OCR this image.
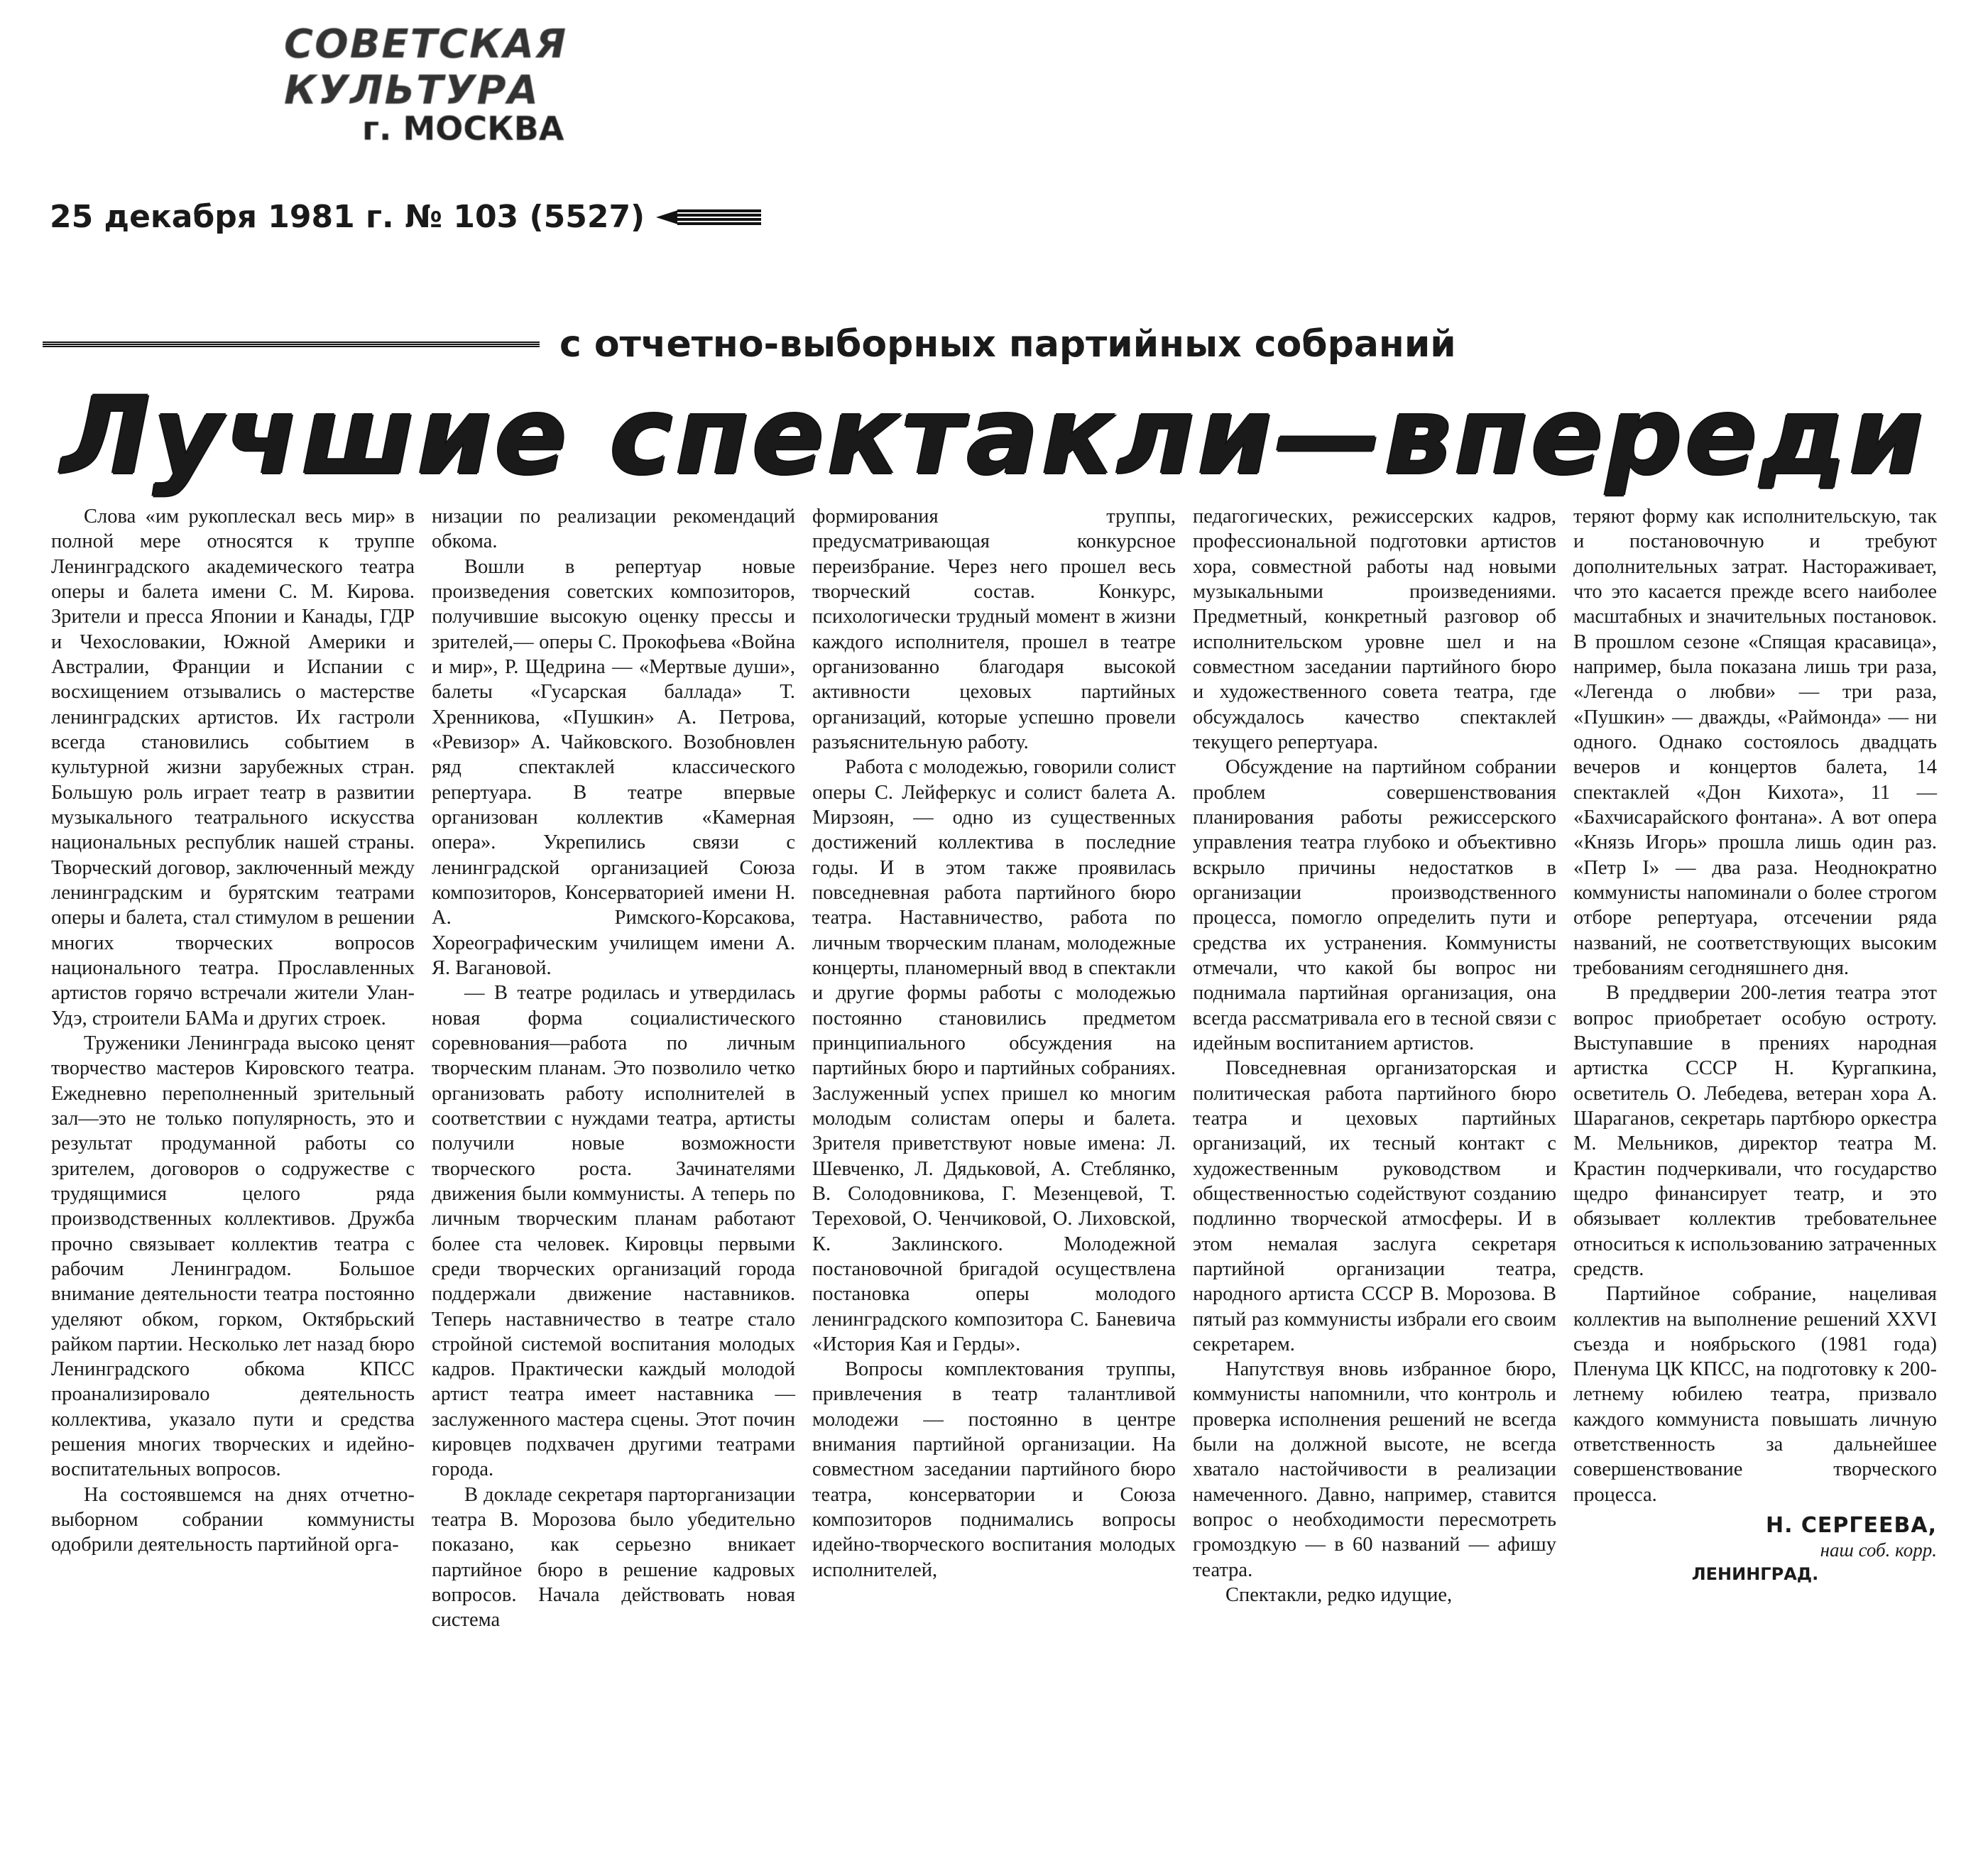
СОВЕТСКАЯ КУЛЬТУРА
г. МОСКВА
25 декабря 1981 г. № 103 (5527)
с отчетно-выборных партийных собраний
Лучшие спектакли—впереди

Слова «им рукоплескал весь мир» в полной мере относятся к труппе Ленинградского академического театра оперы и балета имени С. М. Кирова. Зрители и пресса Японии и Канады, ГДР и Чехословакии, Южной Америки и Австралии, Франции и Испании с восхищением отзывались о мастерстве ленинградских артистов. Их гастроли всегда становились событием в культурной жизни зарубежных стран. Большую роль играет театр в развитии музыкального театрального искусства национальных республик нашей страны. Творческий договор, заключенный между ленинградским и бурятским театрами оперы и балета, стал стимулом в решении многих творческих вопросов национального театра. Прославленных артистов горячо встречали жители Улан-Удэ, строители БАМа и других строек.

Труженики Ленинграда высоко ценят творчество мастеров Кировского театра. Ежедневно переполненный зрительный зал—это не только популярность, это и результат продуманной работы со зрителем, договоров о содружестве с трудящимися целого ряда производственных коллективов. Дружба прочно связывает коллектив театра с рабочим Ленинградом. Большое внимание деятельности театра постоянно уделяют обком, горком, Октябрьский райком партии. Несколько лет назад бюро Ленинградского обкома КПСС проанализировало деятельность коллектива, указало пути и средства решения многих творческих и идейно-воспитательных вопросов.

На состоявшемся на днях отчетно-выборном собрании коммунисты одобрили деятельность партийной орга-

низации по реализации рекомендаций обкома.

Вошли в репертуар новые произведения советских композиторов, получившие высокую оценку прессы и зрителей,— оперы С. Прокофьева «Война и мир», Р. Щедрина — «Мертвые души», балеты «Гусарская баллада» Т. Хренникова, «Пушкин» А. Петрова, «Ревизор» А. Чайковского. Возобновлен ряд спектаклей классического репертуара. В театре впервые организован коллектив «Камерная опера». Укрепились связи с ленинградской организацией Союза композиторов, Консерваторией имени Н. А. Римского-Корсакова, Хореографическим училищем имени А. Я. Вагановой.

— В театре родилась и утвердилась новая форма социалистического соревнования—работа по личным творческим планам. Это позволило четко организовать работу исполнителей в соответствии с нуждами театра, артисты получили новые возможности творческого роста. Зачинателями движения были коммунисты. А теперь по личным творческим планам работают более ста человек. Кировцы первыми среди творческих организаций города поддержали движение наставников. Теперь наставничество в театре стало стройной системой воспитания молодых кадров. Практически каждый молодой артист театра имеет наставника — заслуженного мастера сцены. Этот почин кировцев подхвачен другими театрами города.

В докладе секретаря парторганизации театра В. Морозова было убедительно показано, как серьезно вникает партийное бюро в решение кадровых вопросов. Начала действовать новая система

формирования труппы, предусматривающая конкурсное переизбрание. Через него прошел весь творческий состав. Конкурс, психологически трудный момент в жизни каждого исполнителя, прошел в театре организованно благодаря высокой активности цеховых партийных организаций, которые успешно провели разъяснительную работу.

Работа с молодежью, говорили солист оперы С. Лейферкус и солист балета А. Мирзоян, — одно из существенных достижений коллектива в последние годы. И в этом также проявилась повседневная работа партийного бюро театра. Наставничество, работа по личным творческим планам, молодежные концерты, планомерный ввод в спектакли и другие формы работы с молодежью постоянно становились предметом принципиального обсуждения на партийных бюро и партийных собраниях. Заслуженный успех пришел ко многим молодым солистам оперы и балета. Зрителя приветствуют новые имена: Л. Шевченко, Л. Дядьковой, А. Стеблянко, В. Солодовникова, Г. Мезенцевой, Т. Тереховой, О. Ченчиковой, О. Лиховской, К. Заклинского. Молодежной постановочной бригадой осуществлена постановка оперы молодого ленинградского композитора С. Баневича «История Кая и Герды».

Вопросы комплектования труппы, привлечения в театр талантливой молодежи — постоянно в центре внимания партийной организации. На совместном заседании партийного бюро театра, консерватории и Союза композиторов поднимались вопросы идейно-творческого воспитания молодых исполнителей,

педагогических, режиссерских кадров, профессиональной подготовки артистов хора, совместной работы над новыми музыкальными произведениями. Предметный, конкретный разговор об исполнительском уровне шел и на совместном заседании партийного бюро и художественного совета театра, где обсуждалось качество спектаклей текущего репертуара.

Обсуждение на партийном собрании проблем совершенствования планирования работы режиссерского управления театра глубоко и объективно вскрыло причины недостатков в организации производственного процесса, помогло определить пути и средства их устранения. Коммунисты отмечали, что какой бы вопрос ни поднимала партийная организация, она всегда рассматривала его в тесной связи с идейным воспитанием артистов.

Повседневная организаторская и политическая работа партийного бюро театра и цеховых партийных организаций, их тесный контакт с художественным руководством и общественностью содействуют созданию подлинно творческой атмосферы. И в этом немалая заслуга секретаря партийной организации театра, народного артиста СССР В. Морозова. В пятый раз коммунисты избрали его своим секретарем.

Напутствуя вновь избранное бюро, коммунисты напомнили, что контроль и проверка исполнения решений не всегда были на должной высоте, не всегда хватало настойчивости в реализации намеченного. Давно, например, ставится вопрос о необходимости пересмотреть громоздкую — в 60 названий — афишу театра.

Спектакли, редко идущие,

теряют форму как исполнительскую, так и постановочную и требуют дополнительных затрат. Настораживает, что это касается прежде всего наиболее масштабных и значительных постановок. В прошлом сезоне «Спящая красавица», например, была показана лишь три раза, «Легенда о любви» — три раза, «Пушкин» — дважды, «Раймонда» — ни одного. Однако состоялось двадцать вечеров и концертов балета, 14 спектаклей «Дон Кихота», 11 — «Бахчисарайского фонтана». А вот опера «Князь Игорь» прошла лишь один раз. «Петр I» — два раза. Неоднократно коммунисты напоминали о более строгом отборе репертуара, отсечении ряда названий, не соответствующих высоким требованиям сегодняшнего дня.

В преддверии 200-летия театра этот вопрос приобретает особую остроту. Выступавшие в прениях народная артистка СССР Н. Кургапкина, осветитель О. Лебедева, ветеран хора А. Шараганов, секретарь партбюро оркестра М. Мельников, директор театра М. Крастин подчеркивали, что государство щедро финансирует театр, и это обязывает коллектив требовательнее относиться к использованию затраченных средств.

Партийное собрание, нацеливая коллектив на выполнение решений XXVI съезда и ноябрьского (1981 года) Пленума ЦК КПСС, на подготовку к 200-летнему юбилею театра, призвало каждого коммуниста повышать личную ответственность за дальнейшее совершенствование творческого процесса.

Н. СЕРГЕЕВА,
наш соб. корр.
ЛЕНИНГРАД.
